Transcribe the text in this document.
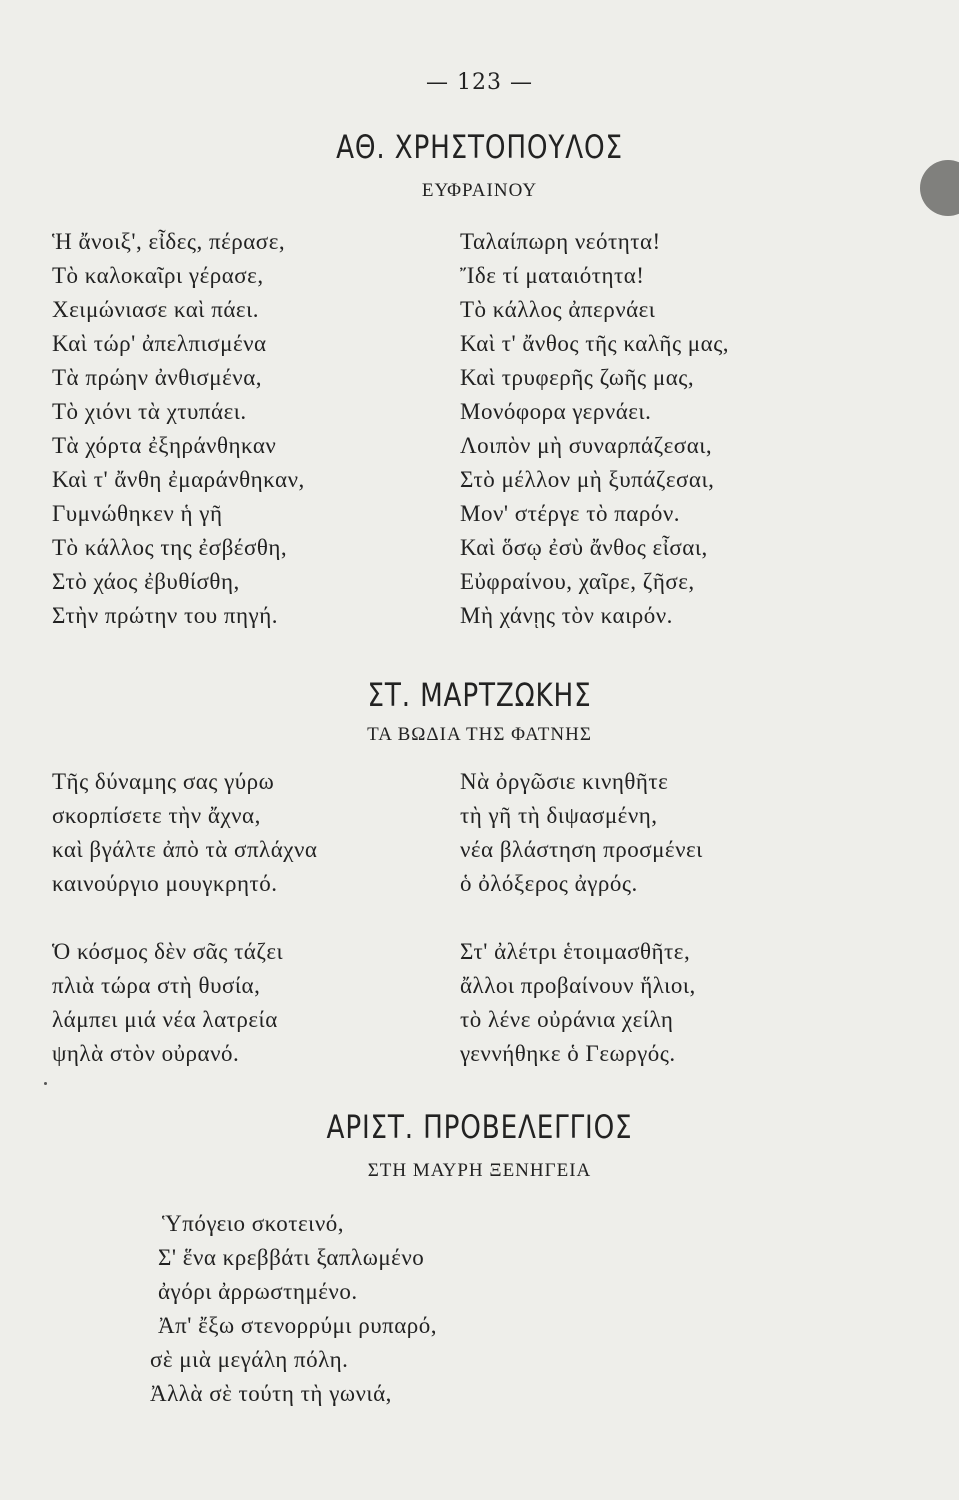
— 123 —
ΑΘ. ΧΡΗΣΤΟΠΟΥΛΟΣ
ΕΥΦΡΑΙΝΟΥ
Ἡ ἄνοιξ', εἶδες, πέρασε,
Τὸ καλοκαῖρι γέρασε,
Χειμώνιασε καὶ πάει.
Καὶ τώρ' ἀπελπισμένα
Τὰ πρώην ἀνθισμένα,
Τὸ χιόνι τὰ χτυπάει.
Τὰ χόρτα ἐξηράνθηκαν
Καὶ τ' ἄνθη ἐμαράνθηκαν,
Γυμνώθηκεν ἡ γῆ
Τὸ κάλλος της ἐσβέσθη,
Στὸ χάος ἐβυθίσθη,
Στὴν πρώτην του πηγή.
Ταλαίπωρη νεότητα!
Ἴδε τί ματαιότητα!
Τὸ κάλλος ἀπερνάει
Καὶ τ' ἄνθος τῆς καλῆς μας,
Καὶ τρυφερῆς ζωῆς μας,
Μονόφορα γερνάει.
Λοιπὸν μὴ συναρπάζεσαι,
Στὸ μέλλον μὴ ξυπάζεσαι,
Μον' στέργε τὸ παρόν.
Καὶ ὅσῳ ἐσὺ ἄνθος εἶσαι,
Εὐφραίνου, χαῖρε, ζῆσε,
Μὴ χάνῃς τὸν καιρόν.
ΣΤ. ΜΑΡΤΖΩΚΗΣ
ΤΑ ΒΩΔΙΑ ΤΗΣ ΦΑΤΝΗΣ
Τῆς δύναμης σας γύρω
σκορπίσετε τὴν ἄχνα,
καὶ βγάλτε ἀπὸ τὰ σπλάχνα
καινούργιο μουγκρητό.
Ὁ κόσμος δὲν σᾶς τάζει
πλιὰ τώρα στὴ θυσία,
λάμπει μιά νέα λατρεία
ψηλὰ στὸν οὐρανό.
Νὰ ὀργῶσιε κινηθῆτε
τὴ γῆ τὴ διψασμένη,
νέα βλάστηση προσμένει
ὁ ὀλόξερος ἀγρός.
Στ' ἀλέτρι ἑτοιμασθῆτε,
ἄλλοι προβαίνουν ἥλιοι,
τὸ λένε οὐράνια χείλη
γεννήθηκε ὁ Γεωργός.
ΑΡΙΣΤ. ΠΡΟΒΕΛΕΓΓΙΟΣ
ΣΤΗ ΜΑΥΡΗ ΞΕΝΗΓΕΙΑ
Ὑπόγειο σκοτεινό,
Σ' ἕνα κρεββάτι ξαπλωμένο
ἀγόρι ἀρρωστημένο.
Ἀπ' ἔξω στενορρύμι ρυπαρό,
σὲ μιὰ μεγάλη πόλη.
Ἀλλὰ σὲ τούτη τὴ γωνιά,
